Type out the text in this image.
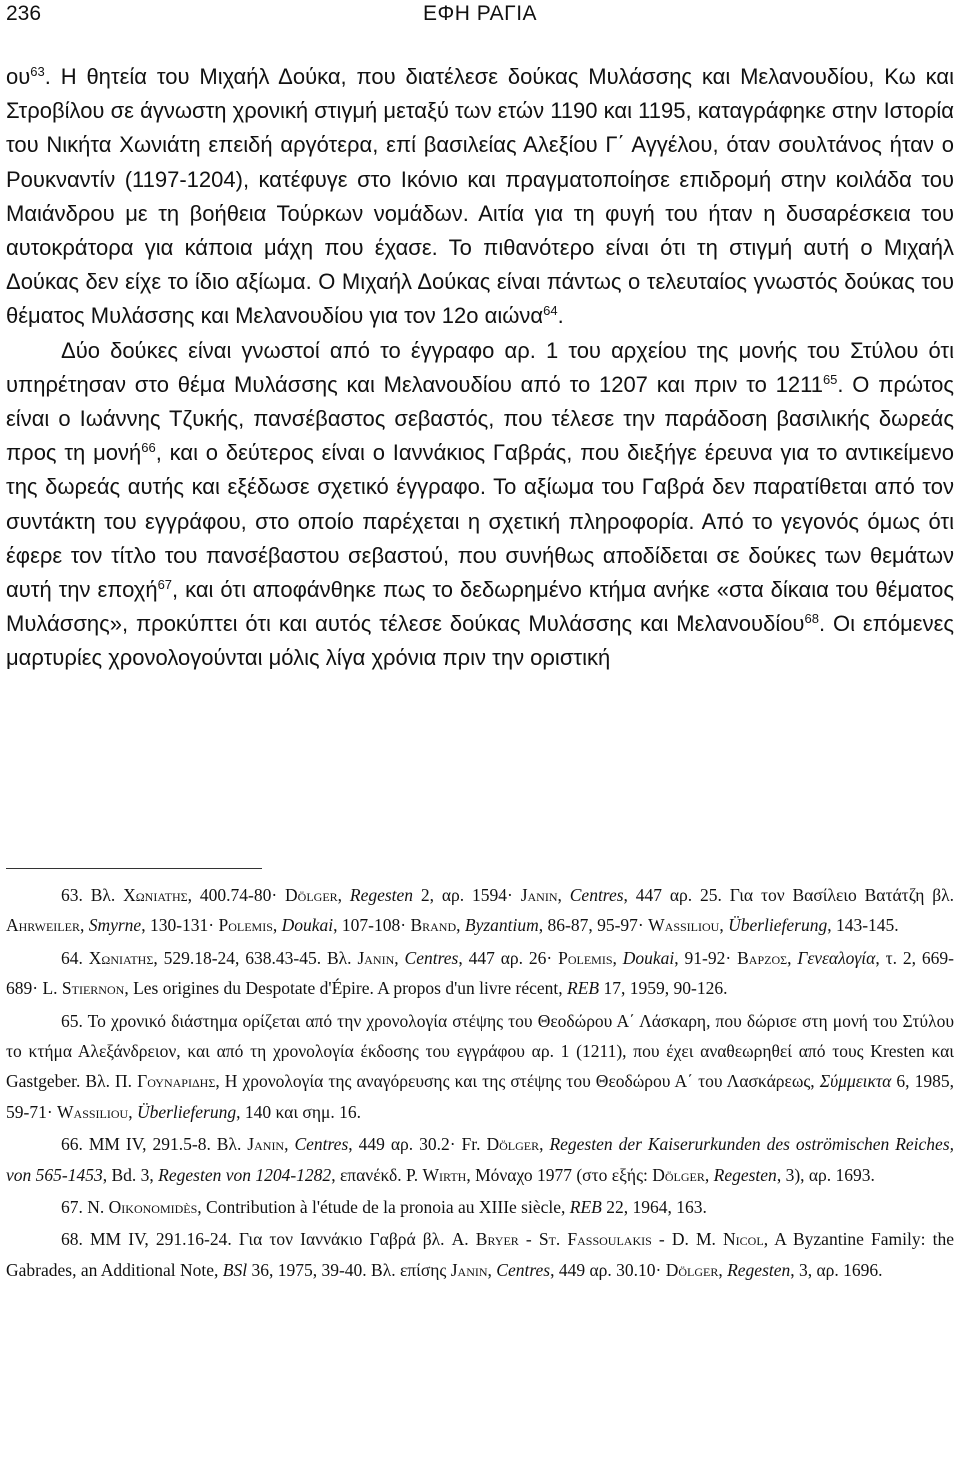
236	ΕΦΗ ΡΑΓΙΑ

$o\upsilon^{63}$. Η θητεία του Μιχαήλ Δούκα, που διατέλεσε δούκας Μυλάσσης και Μελανουδίου, Κω και Στροβίλου σε άγνωστη χρονική στιγμή μεταξύ των ετών 1190 και 1195, καταγράφηκε στην Ιστορία του Νικήτα Χωνιάτη επειδή αργότερα, επί βασιλείας Αλεξίου Γ΄ Αγγέλου, όταν σουλτάνος ήταν ο Ρουκναντίν (1197-1204), κατέφυγε στο Ικόνιο και πραγματοποίησε επιδρομή στην κοιλάδα του Μαιάνδρου με τη βοήθεια Τούρκων νομάδων. Αιτία για τη φυγή του ήταν η δυσαρέσκεια του αυτοκράτορα για κάποια μάχη που έχασε. Το πιθανότερο είναι ότι τη στιγμή αυτή ο Μιχαήλ Δούκας δεν είχε το ίδιο αξίωμα. Ο Μιχαήλ Δούκας είναι πάντως ο τελευταίος γνωστός δούκας του θέματος Μυλάσσης και Μελανουδίου για τον 12ο αιώνα$^{64}$.

Δύο δούκες είναι γνωστοί από το έγγραφο αρ. 1 του αρχείου της μονής του Στύλου ότι υπηρέτησαν στο θέμα Μυλάσσης και Μελανουδίου από το 1207 και πριν το 1211$^{65}$. Ο πρώτος είναι ο Ιωάννης Τζυκής, πανσέβαστος σεβαστός, που τέλεσε την παράδοση βασιλικής δωρεάς προς τη μονή$^{66}$, και ο δεύτερος είναι ο Ιαννάκιος Γαβράς, που διεξήγε έρευνα για το αντικείμενο της δωρεάς αυτής και εξέδωσε σχετικό έγγραφο. Το αξίωμα του Γαβρά δεν παρατίθεται από τον συντάκτη του εγγράφου, στο οποίο παρέχεται η σχετική πληροφορία. Από το γεγονός όμως ότι έφερε τον τίτλο του πανσέβαστου σεβαστού, που συνήθως αποδίδεται σε δούκες των θεμάτων αυτή την εποχή$^{67}$, και ότι αποφάνθηκε πως το δεδωρημένο κτήμα ανήκε «στα δίκαια του θέματος Μυλάσσης», προκύπτει ότι και αυτός τέλεσε δούκας Μυλάσσης και Μελανουδίου$^{68}$. Οι επόμενες μαρτυρίες χρονολογούνται μόλις λίγα χρόνια πριν την οριστική

63. Βλ. Χωνιατης, 400.74-80· Dölger, Regesten 2, αρ. 1594· Janin, Centres, 447 αρ. 25. Για τον Βασίλειο Βατάτζη βλ. Ahrweiler, Smyrne, 130-131· Polemis, Doukai, 107-108· Brand, Byzantium, 86-87, 95-97· Wassiliou, Überlieferung, 143-145.

64. Χωνιατης, 529.18-24, 638.43-45. Βλ. Janin, Centres, 447 αρ. 26· Polemis, Doukai, 91-92· Βαρζος, Γενεαλογία, τ. 2, 669-689· L. Stiernon, Les origines du Despotate d'Épire. A propos d'un livre récent, REB 17, 1959, 90-126.

65. Το χρονικό διάστημα ορίζεται από την χρονολογία στέψης του Θεοδώρου Α΄ Λάσκαρη, που δώρισε στη μονή του Στύλου το κτήμα Αλεξάνδρειον, και από τη χρονολογία έκδοσης του εγγράφου αρ. 1 (1211), που έχει αναθεωρηθεί από τους Kresten και Gastgeber. Βλ. Π. Γουναριδης, Η χρονολογία της αναγόρευσης και της στέψης του Θεοδώρου Α΄ του Λασκάρεως, Σύμμεικτα 6, 1985, 59-71· Wassiliou, Überlieferung, 140 και σημ. 16.

66. ΜΜ IV, 291.5-8. Βλ. Janin, Centres, 449 αρ. 30.2· Fr. Dölger, Regesten der Kaiserurkunden des oströmischen Reiches, von 565-1453, Bd. 3, Regesten von 1204-1282, επανέκδ. P. Wirth, Μόναχο 1977 (στο εξής: Dölger, Regesten, 3), αρ. 1693.

67. N. Oikonomidès, Contribution à l'étude de la pronoia au XIIIe siècle, REB 22, 1964, 163.

68. ΜΜ IV, 291.16-24. Για τον Ιαννάκιο Γαβρά βλ. A. Bryer - St. Fassoulakis - D. M. Nicol, A Byzantine Family: the Gabrades, an Additional Note, BSl 36, 1975, 39-40. Βλ. επίσης Janin, Centres, 449 αρ. 30.10· Dölger, Regesten, 3, αρ. 1696.
